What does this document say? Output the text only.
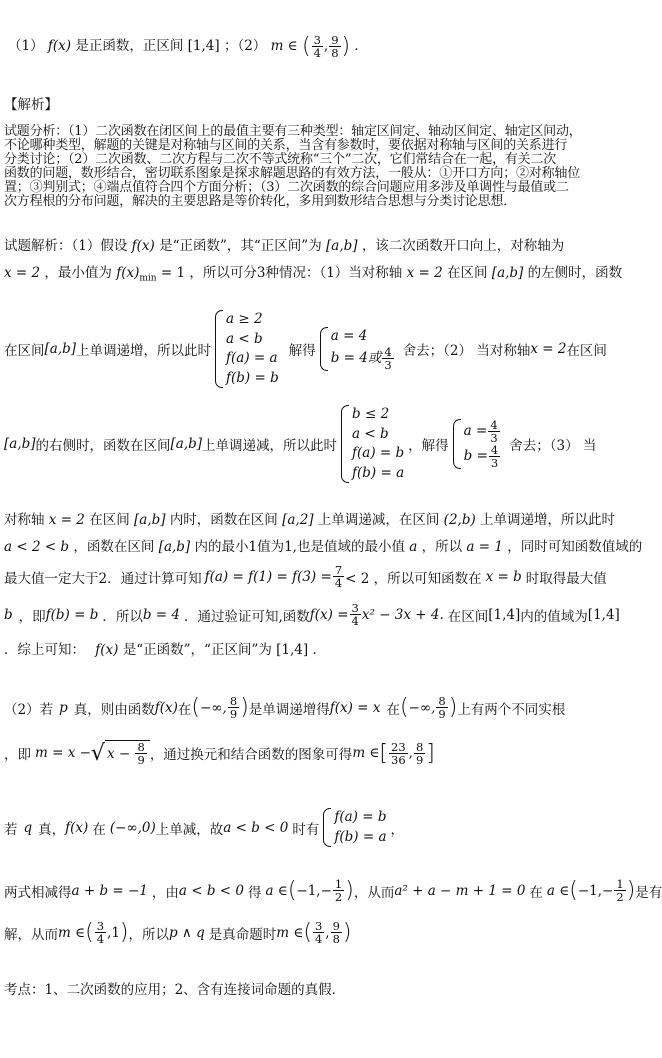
（1） f(x) 是正函数，正区间 [1,4] ；（2） m ∈ ( $\frac{3}{4}$ , $\frac{9}{8}$ ) ．
【解析】
试题分析：（1）二次函数在闭区间上的最值主要有三种类型：轴定区间定、轴动区间定、轴定区间动，
不论哪种类型，解题的关键是对称轴与区间的关系，当含有参数时，要依据对称轴与区间的关系进行
分类讨论；（2）二次函数、二次方程与二次不等式统称“三个”二次，它们常结合在一起，有关二次
函数的问题，数形结合，密切联系图象是探求解题思路的有效方法，一般从：①开口方向；②对称轴位
置；③判别式；④端点值符合四个方面分析；（3）二次函数的综合问题应用多涉及单调性与最值或二
次方程根的分布问题，解决的主要思路是等价转化，多用到数形结合思想与分类讨论思想．
试题解析：（1）假设 f(x) 是“正函数”，其“正区间”为 [a,b] ，该二次函数开口向上，对称轴为
x = 2 ，最小值为 $f(x)_{min} = 1$ ，所以可分3种情况：（1）当对称轴 x = 2 在区间 [a,b] 的左侧时，函数
在区间 [a,b] 上单调递增，所以此时
a ≥ 2
a < b
f(a) = a
f(b) = b
解得
a = 4
b = 4或 $\frac{4}{3}$ 舍去；（2） 当对称轴 x = 2 在区间
[a,b] 的右侧时，函数在区间 [a,b] 上单调递减，所以此时
b ≤ 2
a < b
f(a) = b
f(b) = a
，解得
$a = \frac{4}{3}$
$b = \frac{4}{3}$ 舍去；（3） 当
对称轴 x = 2 在区间 [a,b] 内时，函数在区间 [a,2] 上单调递减，在区间 (2,b) 上单调递增，所以此时
a < 2 < b ，函数在区间 [a,b] 内的最小1值为1,也是值域的最小值 a ，所以 a = 1 ，同时可知函数值域的
最大值一定大于2．通过计算可知 $f(a) = f(1) = f(3) = \frac{7}{4} < 2$ ，所以可知函数在 x = b 时取得最大值
b ，即 f(b) = b ．所以 b = 4 ．通过验证可知,函数 $f(x) = \frac{3}{4} x^2 - 3x + 4$. 在区间 [1,4] 内的值域为 [1,4]
．综上可知： f(x) 是“正函数”，“正区间”为 [1,4] ．
（2）若 p 真，则由函数 f(x) 在 ( −∞, $\frac{8}{9}$ ) 是单调递增得 f(x) = x 在 ( −∞, $\frac{8}{9}$ ) 上有两个不同实根
，即 m = x − √ $x - \frac{8}{9}$ ，通过换元和结合函数的图象可得 m ∈ [ $\frac{23}{36}$ , $\frac{8}{9}$ ]
若 q 真， f(x) 在 (−∞,0) 上单减，故 a < b < 0 时有
f(a) = b
f(b) = a ，
两式相减得 a + b = −1 ，由 a < b < 0 得 a ∈ ( $-1,- \frac{1}{2}$ ) ，从而 a² + a − m + 1 = 0 在 a ∈ ( $-1,- \frac{1}{2}$ ) 是有
解，从而 m ∈ ( $\frac{3}{4}$ , 1 ) ，所以 p ∧ q 是真命题时 m ∈ ( $\frac{3}{4}$ , $\frac{9}{8}$ )
考点：1、二次函数的应用；2、含有连接词命题的真假．
